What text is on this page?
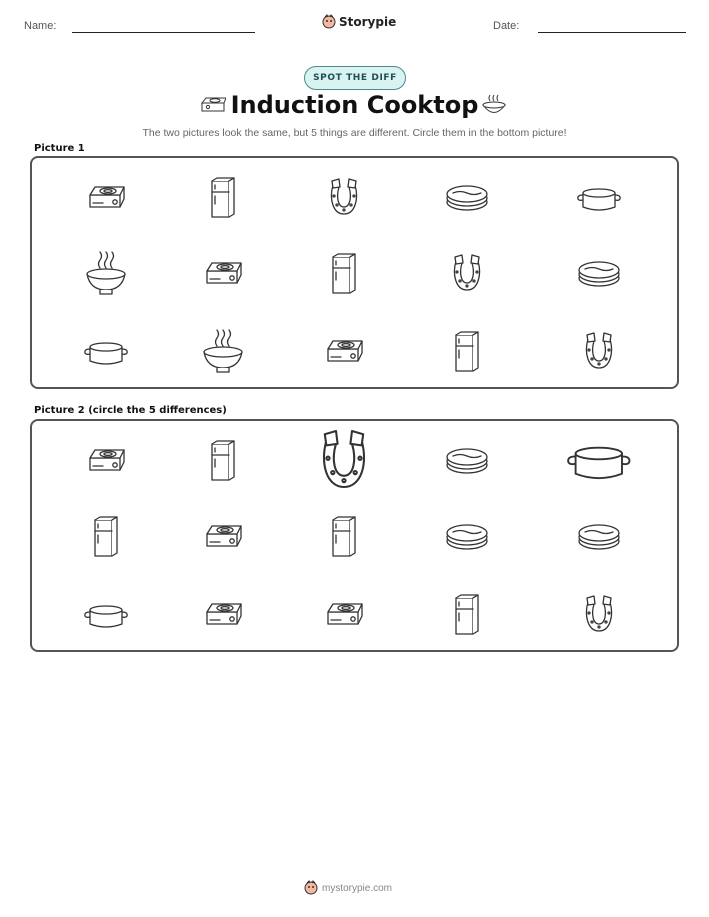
Name:	Storypie	Date:
SPOT THE DIFF
Induction Cooktop
The two pictures look the same, but 5 things are different. Circle them in the bottom picture!
Picture 1
Picture 2 (circle the 5 differences)
mystorypie.com
